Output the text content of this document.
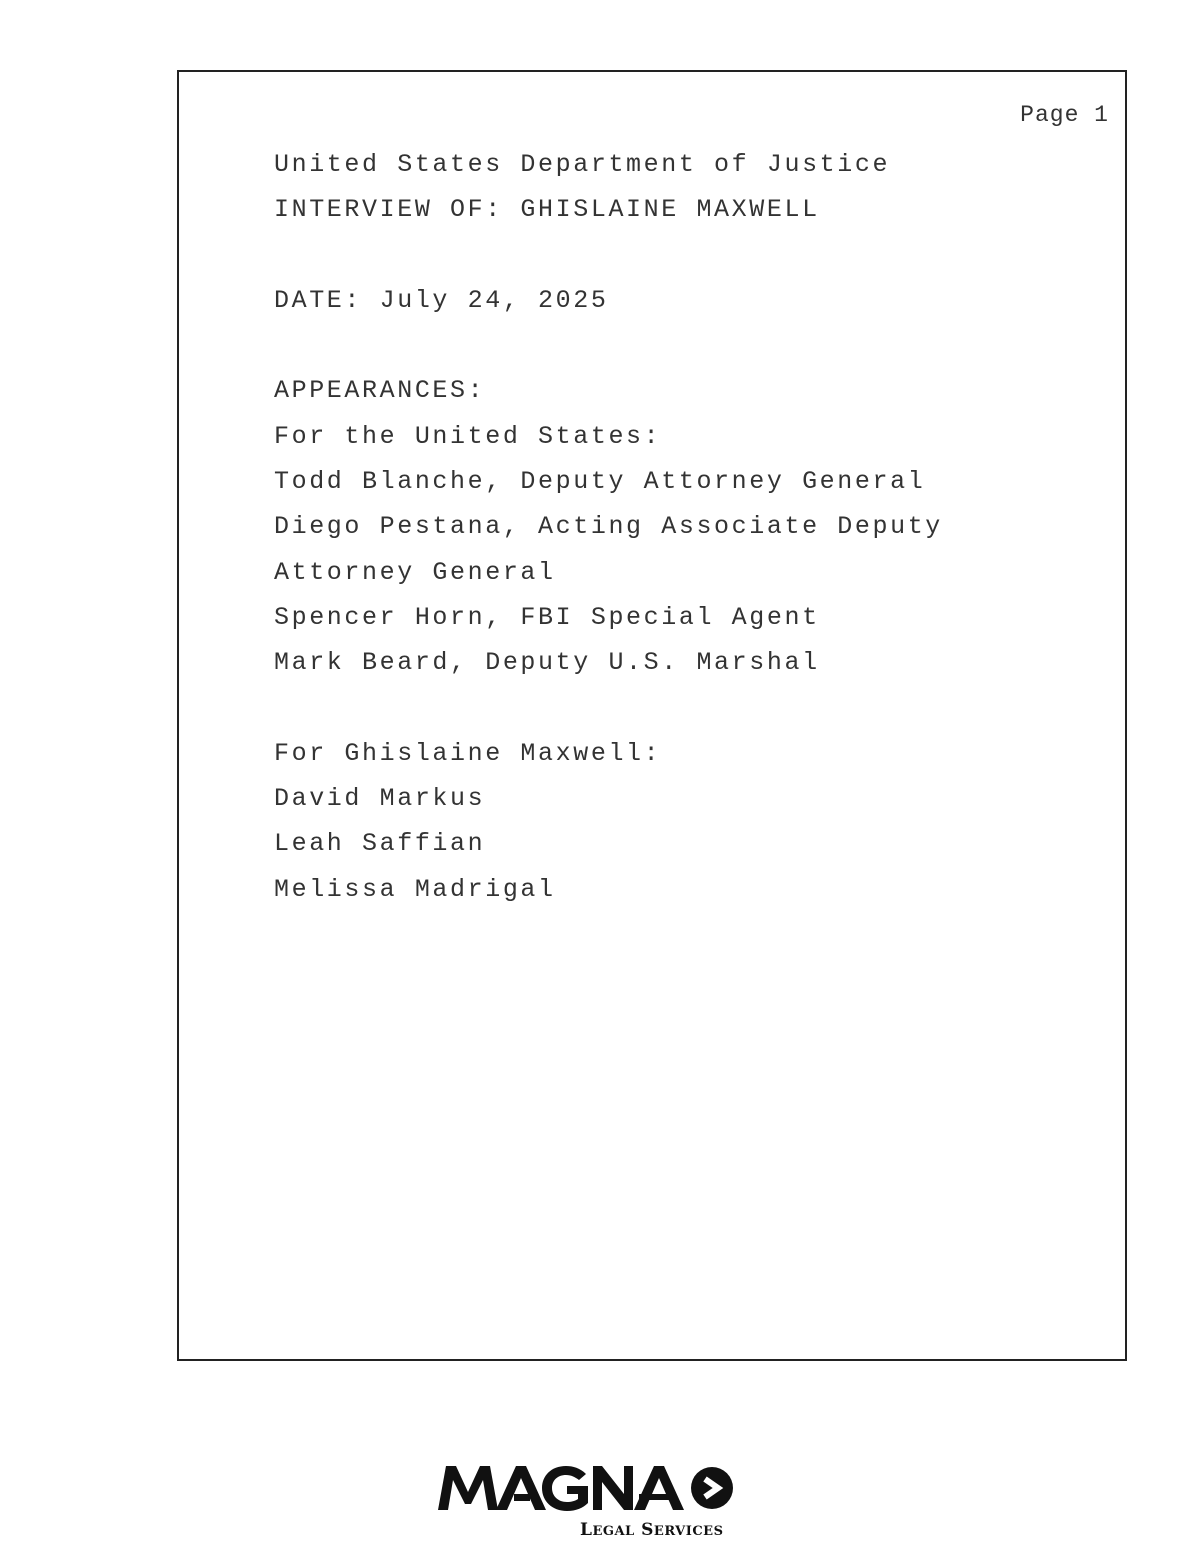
Page 1
United States Department of Justice
INTERVIEW OF: GHISLAINE MAXWELL
DATE: July 24, 2025
APPEARANCES:
For the United States:
Todd Blanche, Deputy Attorney General
Diego Pestana, Acting Associate Deputy
Attorney General
Spencer Horn, FBI Special Agent
Mark Beard, Deputy U.S. Marshal
For Ghislaine Maxwell:
David Markus
Leah Saffian
Melissa Madrigal
LEGAL SERVICES
